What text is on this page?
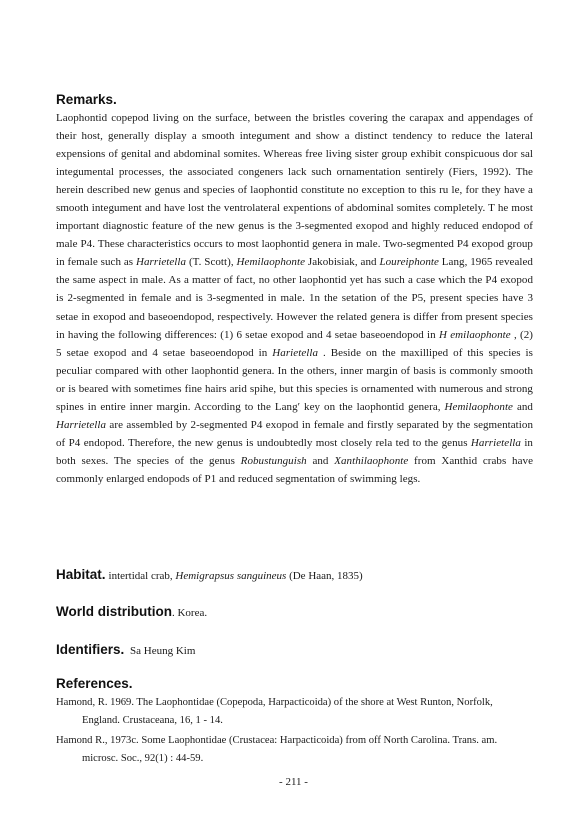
Remarks.
Laophontid copepod living on the surface, between the bristles covering the carapax and appendages of their host, generally display a smooth integument and show a distinct tendency to reduce the lateral expensions of genital and abdominal somites. Whereas free living sister group exhibit conspicuous dor sal integumental processes, the associated congeners lack such ornamentation sentirely (Fiers, 1992). The herein described new genus and species of laophontid constitute no exception to this ru le, for they have a smooth integument and have lost the ventrolateral expentions of abdominal somites completely. T he most important diagnostic feature of the new genus is the 3-segmented exopod and highly reduced endopod of male P4. These characteristics occurs to most laophontid genera in male. Two-segmented P4 exopod group in female such as Harrietella (T. Scott), Hemilaophonte Jakobisiak, and Loureiphonte Lang, 1965 revealed the same aspect in male. As a matter of fact, no other laophontid yet has such a case which the P4 exopod is 2-segmented in female and is 3-segmented in male. 1n the setation of the P5, present species have 3 setae in exopod and baseoendopod, respectively. However the related genera is differ from present species in having the following differences: (1) 6 setae exopod and 4 setae baseoendopod in H emilaophonte , (2) 5 setae exopod and 4 setae baseoendopod in Harietella . Beside on the maxilliped of this species is peculiar compared with other laophontid genera. In the others, inner margin of basis is commonly smooth or is beared with sometimes fine hairs arid spihe, but this species is ornamented with numerous and strong spines in entire inner margin. According to the Lang′ key on the laophontid genera, Hemilaophonte and Harrietella are assembled by 2-segmented P4 exopod in female and firstly separated by the segmentation of P4 endopod. Therefore, the new genus is undoubtedly most closely rela ted to the genus Harrietella in both sexes. The species of the genus Robustunguish and Xanthilaophonte from Xanthid crabs have commonly enlarged endopods of P1 and reduced segmentation of swimming legs.
Habitat. intertidal crab, Hemigrapsus sanguineus (De Haan, 1835)
World distribution. Korea.
Identifiers. Sa Heung Kim
References.

Hamond, R. 1969. The Laophontidae (Copepoda, Harpacticoida) of the shore at West Runton, Norfolk, England. Crustaceana, 16, 1 - 14.

Hamond R., 1973c. Some Laophontidae (Crustacea: Harpacticoida) from off North Carolina. Trans. am. microsc. Soc., 92(1) : 44-59.

- 211 -
